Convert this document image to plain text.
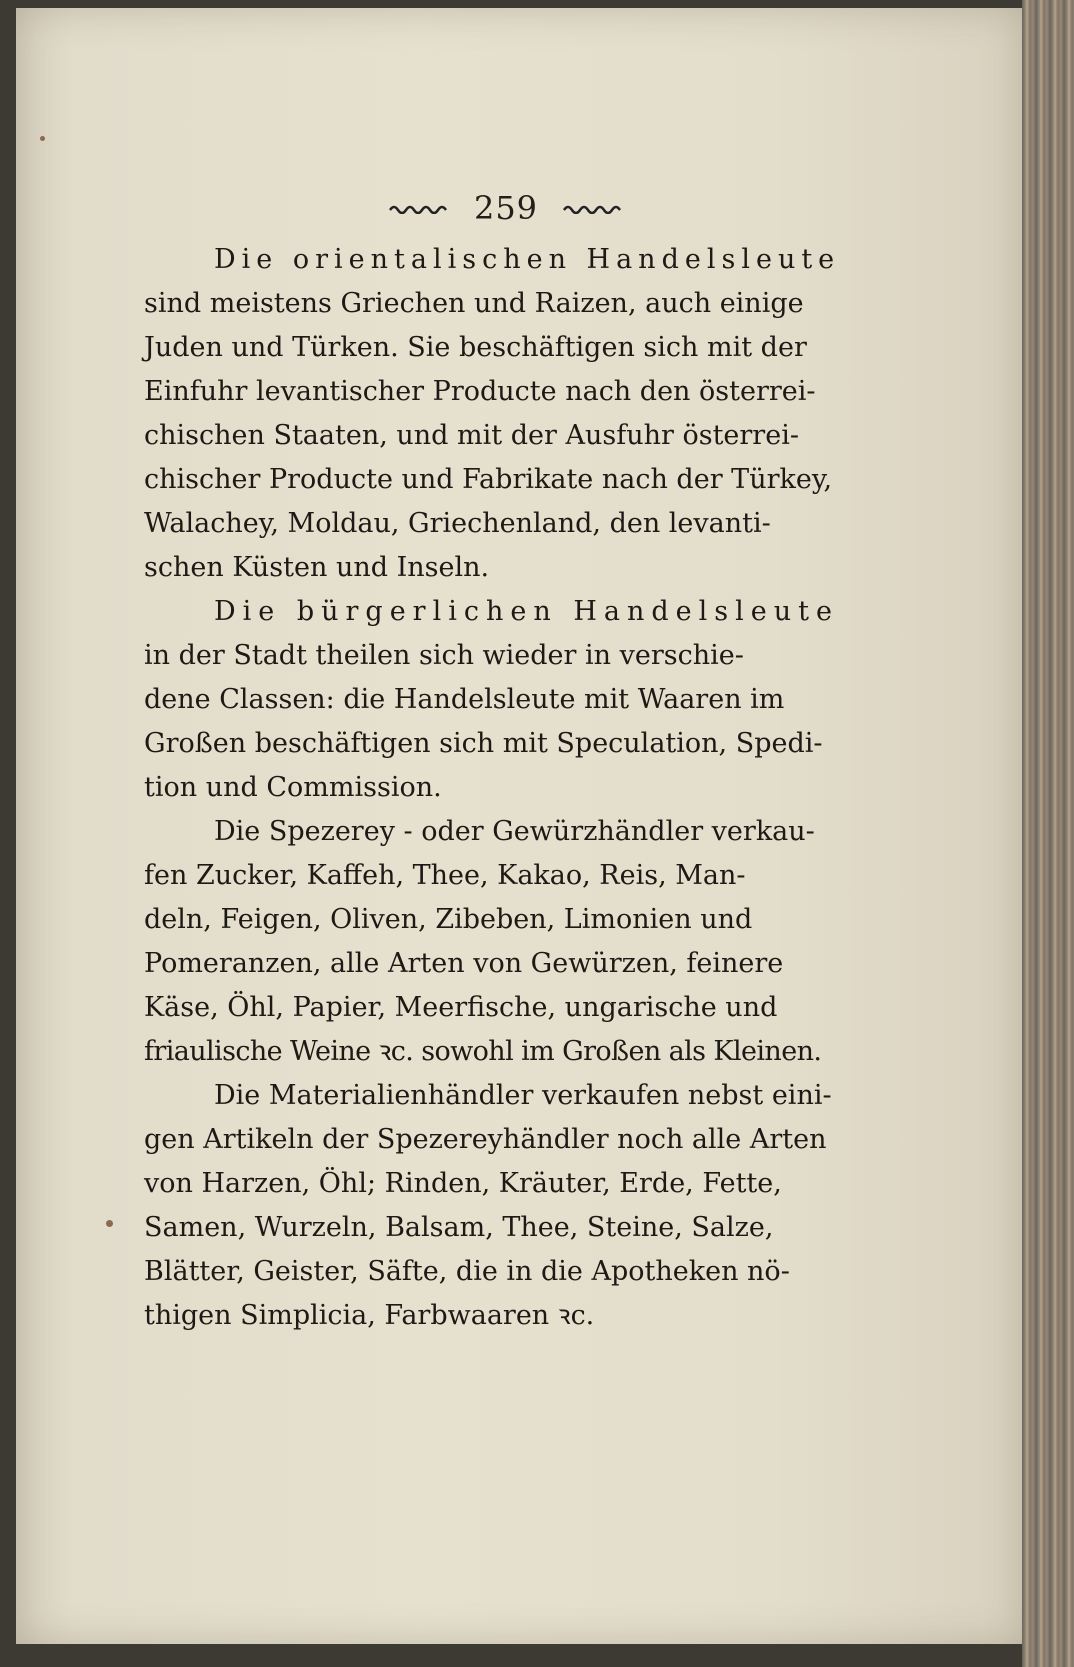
259
Die orientalischen Handelsleute
sind meistens Griechen und Raizen, auch einige
Juden und Türken. Sie beschäftigen sich mit der
Einfuhr levantischer Producte nach den österrei-
chischen Staaten, und mit der Ausfuhr österrei-
chischer Producte und Fabrikate nach der Türkey,
Walachey, Moldau, Griechenland, den levanti-
schen Küsten und Inseln.
Die bürgerlichen Handelsleute
in der Stadt theilen sich wieder in verschie-
dene Classen: die Handelsleute mit Waaren im
Großen beschäftigen sich mit Speculation, Spedi-
tion und Commission.
Die Spezerey - oder Gewürzhändler verkau-
fen Zucker, Kaffeh, Thee, Kakao, Reis, Man-
deln, Feigen, Oliven, Zibeben, Limonien und
Pomeranzen, alle Arten von Gewürzen, feinere
Käse, Öhl, Papier, Meerfische, ungarische und
friaulische Weine ꝛc. sowohl im Großen als Kleinen.
Die Materialienhändler verkaufen nebst eini-
gen Artikeln der Spezereyhändler noch alle Arten
von Harzen, Öhl; Rinden, Kräuter, Erde, Fette,
Samen, Wurzeln, Balsam, Thee, Steine, Salze,
Blätter, Geister, Säfte, die in die Apotheken nö-
thigen Simplicia, Farbwaaren ꝛc.
